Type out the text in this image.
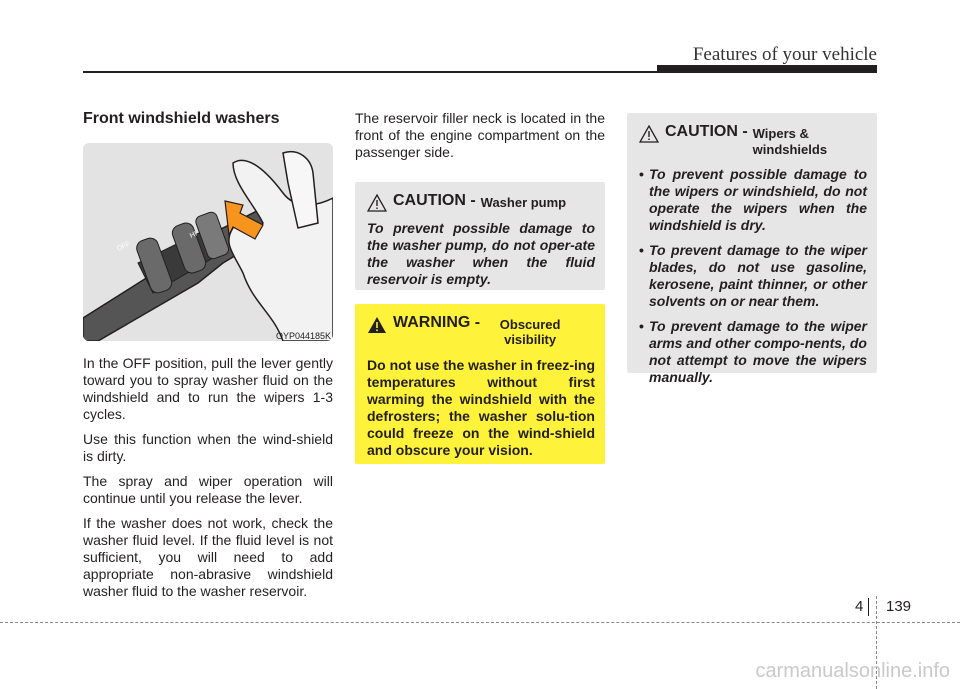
Features of your vehicle
Front windshield washers
OFF
HI
OYP044185K

In the OFF position, pull the lever gently toward you to spray washer fluid on the windshield and to run the wipers 1-3 cycles.

Use this function when the wind-shield is dirty.

The spray and wiper operation will continue until you release the lever.

If the washer does not work, check the washer fluid level. If the fluid level is not sufficient, you will need to add appropriate non-abrasive windshield washer fluid to the washer reservoir.

The reservoir filler neck is located in the front of the engine compartment on the passenger side.

CAUTION - Washer pump

To prevent possible damage to the washer pump, do not oper-ate the washer when the fluid reservoir is empty.

WARNING -	Obscured visibility

Do not use the washer in freez-ing temperatures without first warming the windshield with the defrosters; the washer solu-tion could freeze on the wind-shield and obscure your vision.

CAUTION - Wipers & windshields
• To prevent possible damage to the wipers or windshield, do not operate the wipers when the windshield is dry.
• To prevent damage to the wiper blades, do not use gasoline, kerosene, paint thinner, or other solvents on or near them.
• To prevent damage to the wiper arms and other compo-nents, do not attempt to move the wipers manually.
4 139
carmanualsonline.info
